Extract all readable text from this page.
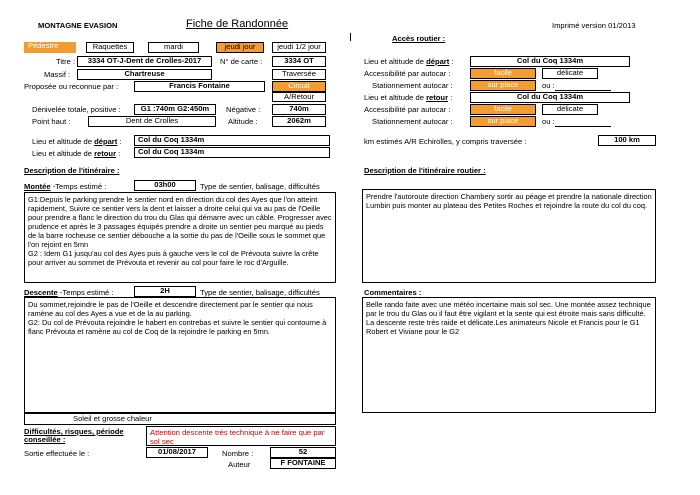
MONTAGNE EVASION	Fiche de Randonnée	Imprimé version 01/2013
Pédestre	Raquettes	mardi	jeudi jour	jeudi 1/2 jour
Titre :	3334 OT-J-Dent de Crolles-2017	N° de carte :	3334 OT
Massif :	Chartreuse	Traversée
Proposée ou reconnue par :	Francis Fontaine	Circuit
A/Retour
Dénivelée totale, positive :	G1 :740m G2:450m	Négative :	740m
Point haut :	Dent de Crolles	Altitude :	2062m
Lieu et altitude de départ :	Col du Coq 1334m
Lieu et altitude de retour :	Col du Coq 1334m
Description de l'itinéraire :
Montée -Temps estimé :	03h00	Type de sentier, balisage, difficultés
G1:Depuis le parking prendre le sentier nord en direction du col des Ayes que l'on atteint rapidement, Suivre ce sentier vers la dent et laisser a droite celui qui va au pas de l'Oeille pour prendre a flanc le direction du trou du Glas qui démarre avec un câble. Progresser avec prudence et après le 3 passages équipés prendre a droite un sentier peu marqué au pieds de la barre rocheuse ce sentier débouche a la sortie du pas de l'Oeille sous le sommet que l'on rejoint en 5mn
G2 : Idem G1 jusqu'au col des Ayes puis à gauche vers le col de Prévouta suivre la crête pour arriver au sommet de Prévouta et revenir au col pour faire le roc d'Arguille.
Descente -Temps estimé :	2H	Type de sentier, balisage, difficultés
Du sommet,rejoindre le pas de l'Oeille et descendre directement par le sentier qui nous ramène au col des Ayes a vue et de la au parking.
G2: Du col de Prévouta rejoindre le habert en contrebas et suivre le sentier qui contourne à flanc Prévouta et ramène au col de Coq de la rejoindre le parking en 5mn.
Soleil et grosse chaleur
Difficultés, risques, période conseillée :
Attention descente très technique à ne faire que par sol sec
Sortie effectuée le :	01/08/2017	Nombre :	52
Auteur	F FONTAINE
Accès routier :
Lieu et altitude de départ :	Col du Coq 1334m
Accessibilité par autocar :	facile	délicate
Stationnement autocar :	sur place	ou :
Lieu et altitude de retour :	Col du Coq 1334m
Accessibilité par autocar :	facile	délicate
Stationnement autocar :	sur place	ou :
km estimés A/R Echirolles, y compris traversée :	100 km
Description de l'itinéraire routier :
Prendre l'autoroute direction Chambery sortir au péage et prendre la nationale direction Lumbin puis monter au plateau des Petites Roches et rejoindre la route du col du coq.
Commentaires :
Belle rando faite avec une météo incertaine mais sol sec. Une montée assez technique par le trou du Glas ou il faut être vigilant et la sente qui est étroite mais sans difficulté. La descente reste très raide et délicate.Les animateurs Nicole et Francis pour le G1 Robert et Viviane pour le G2
